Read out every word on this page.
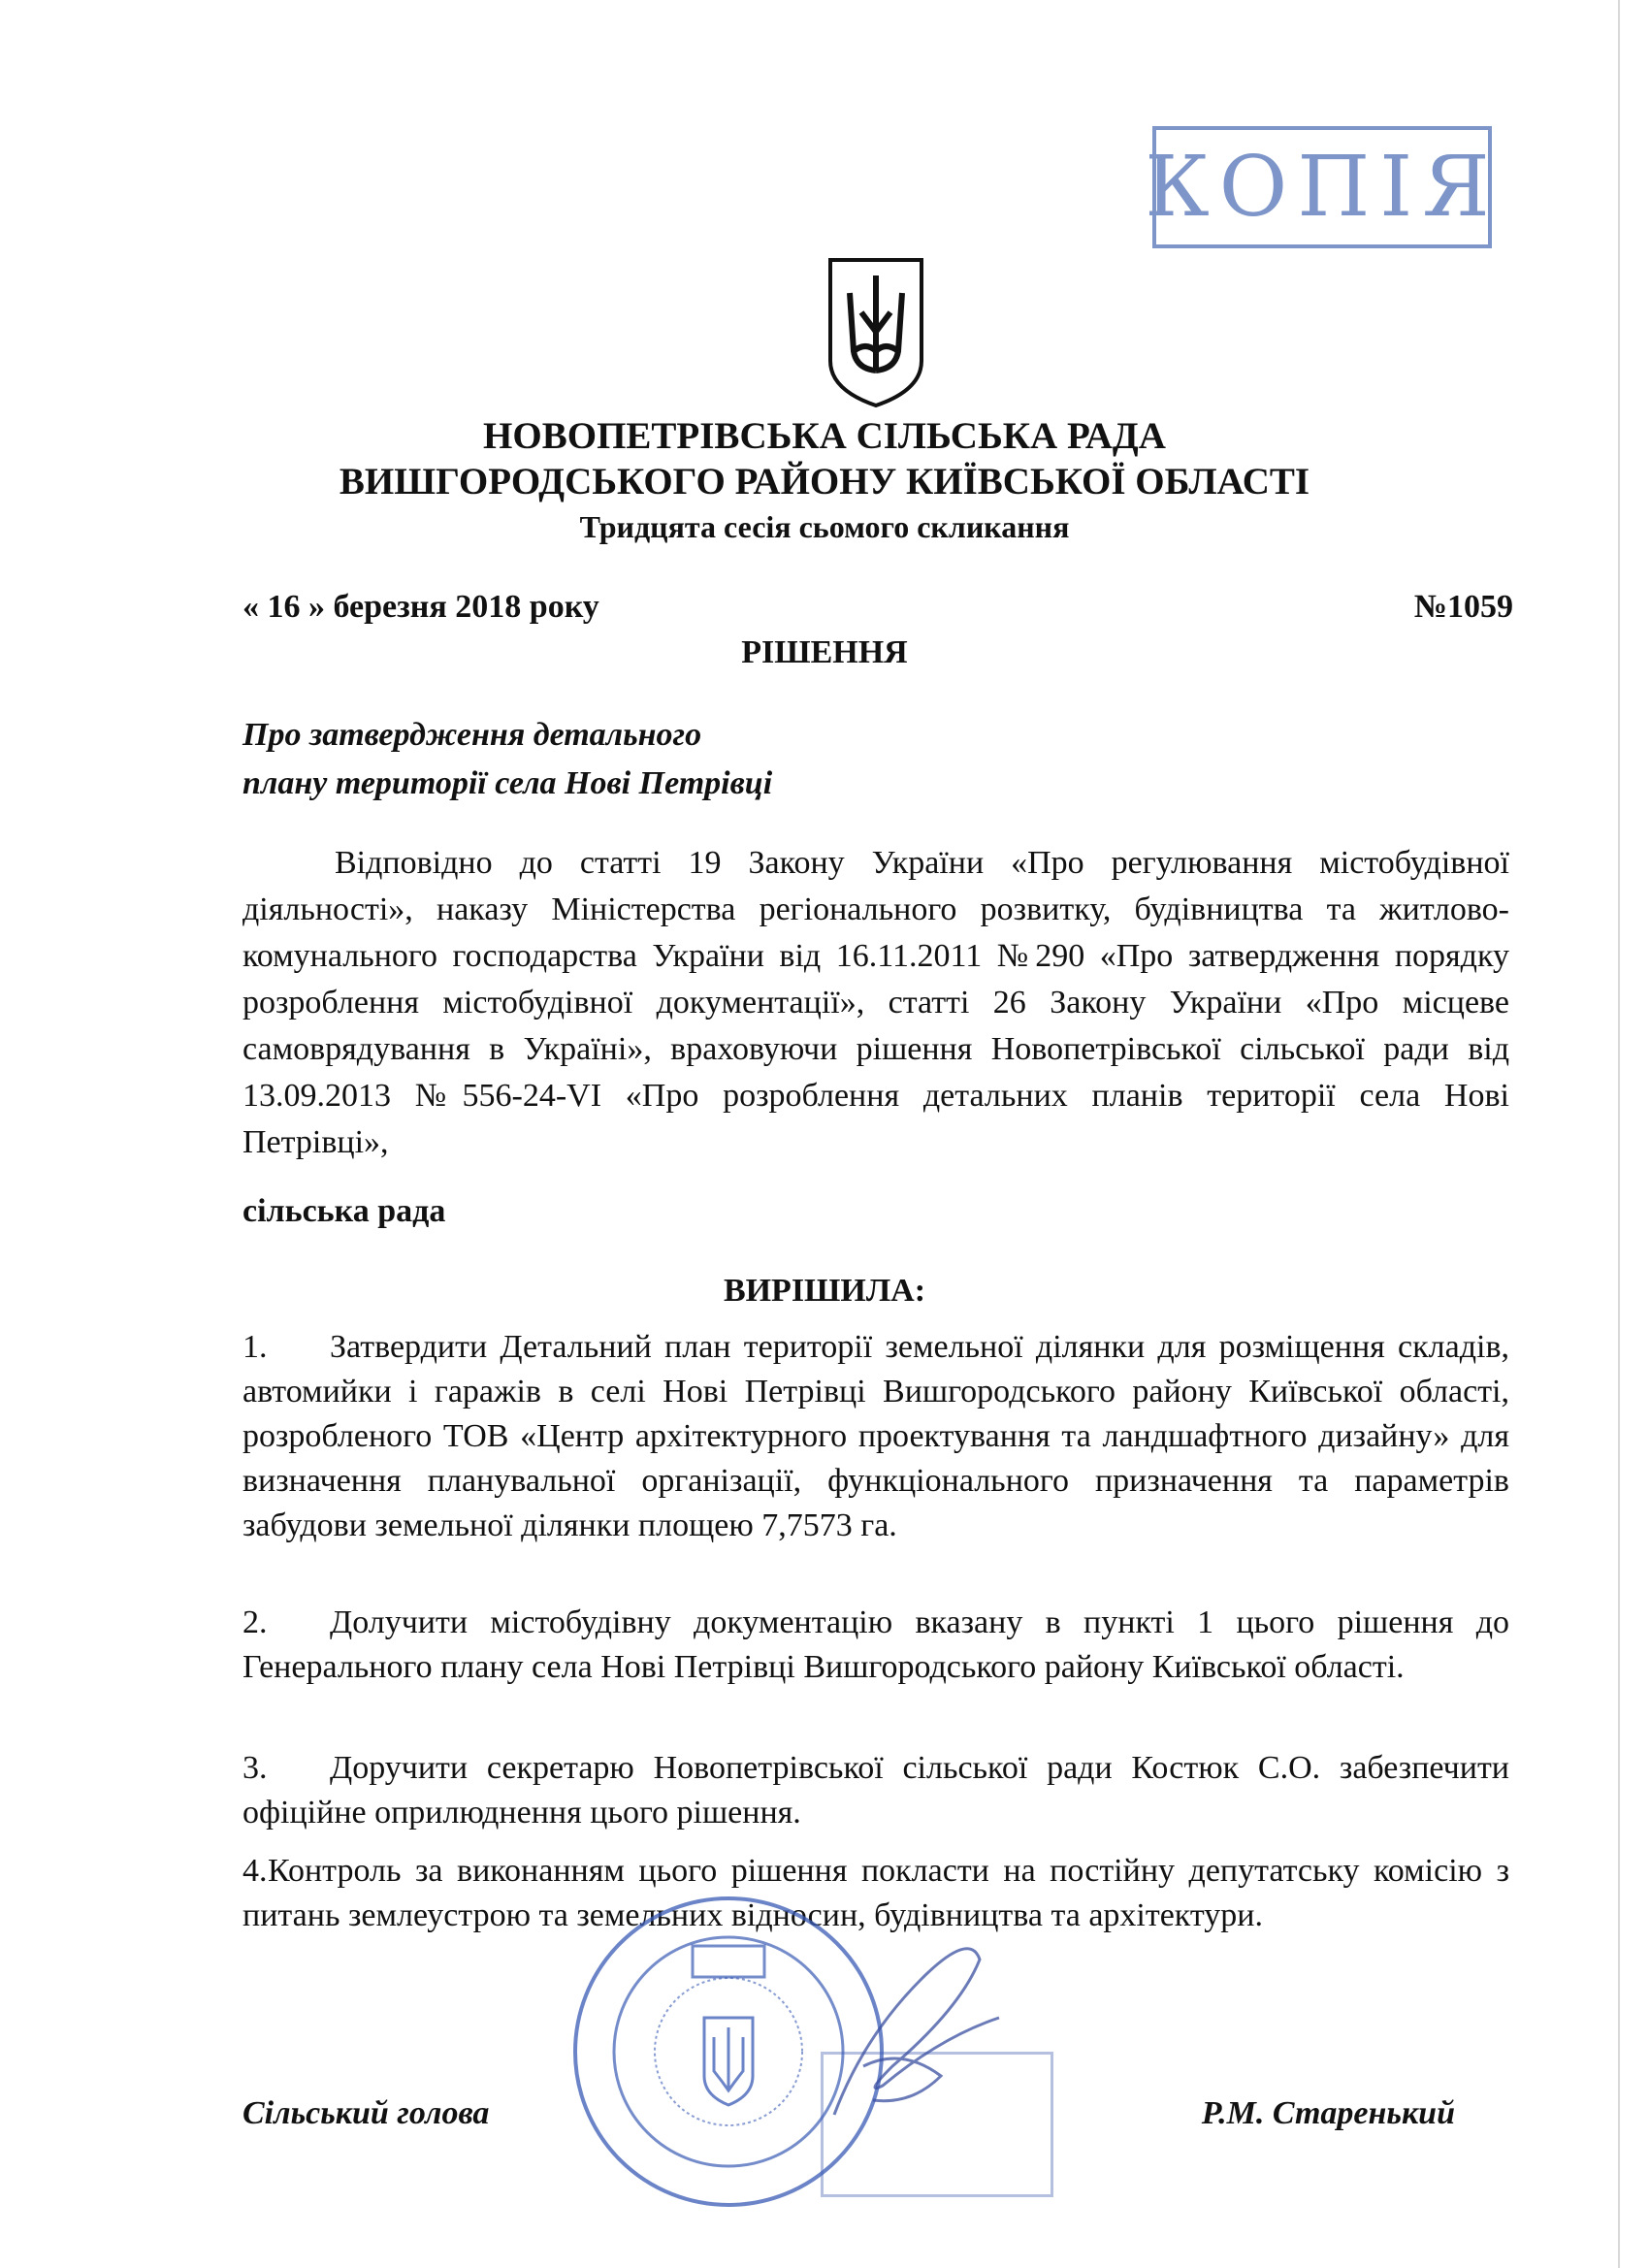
КОПІЯ
НОВОПЕТРІВСЬКА СІЛЬСЬКА РАДА
ВИШГОРОДСЬКОГО РАЙОНУ КИЇВСЬКОЇ ОБЛАСТІ
Тридцята сесія сьомого скликання
« 16 » березня 2018 року	№1059
РІШЕННЯ
Про затвердження детального
плану території села Нові Петрівці
Відповідно до статті 19 Закону України «Про регулювання містобудівної діяльності», наказу Міністерства регіонального розвитку, будівництва та житлово-комунального господарства України від 16.11.2011 №290 «Про затвердження порядку розроблення містобудівної документації», статті 26 Закону України «Про місцеве самоврядування в Україні», враховуючи рішення Новопетрівської сільської ради від 13.09.2013 №556-24-VI «Про розроблення детальних планів території села Нові Петрівці»,
сільська рада
ВИРІШИЛА:
1. Затвердити Детальний план території земельної ділянки для розміщення складів, автомийки і гаражів в селі Нові Петрівці Вишгородського району Київської області, розробленого ТОВ «Центр архітектурного проектування та ландшафтного дизайну» для визначення планувальної організації, функціонального призначення та параметрів забудови земельної ділянки площею 7,7573 га.
2. Долучити містобудівну документацію вказану в пункті 1 цього рішення до Генерального плану села Нові Петрівці Вишгородського району Київської області.
3. Доручити секретарю Новопетрівської сільської ради Костюк С.О. забезпечити офіційне оприлюднення цього рішення.
4.Контроль за виконанням цього рішення покласти на постійну депутатську комісію з питань землеустрою та земельних відносин, будівництва та архітектури.
Сільський голова	Р.М. Старенький
